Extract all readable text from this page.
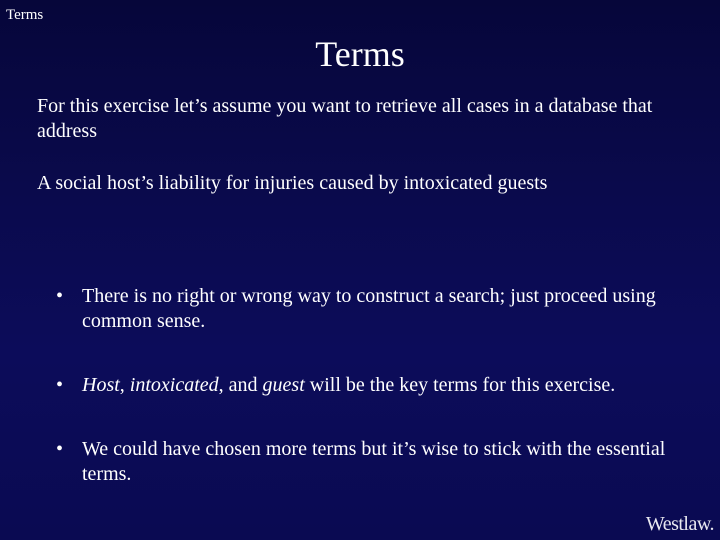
Terms
Terms
For this exercise let’s assume you want to retrieve all cases in a database that address
A social host’s liability for injuries caused by intoxicated guests
• There is no right or wrong way to construct a search; just proceed using common sense.
• Host, intoxicated, and guest will be the key terms for this exercise.
• We could have chosen more terms but it’s wise to stick with the essential terms.
Westlaw.
